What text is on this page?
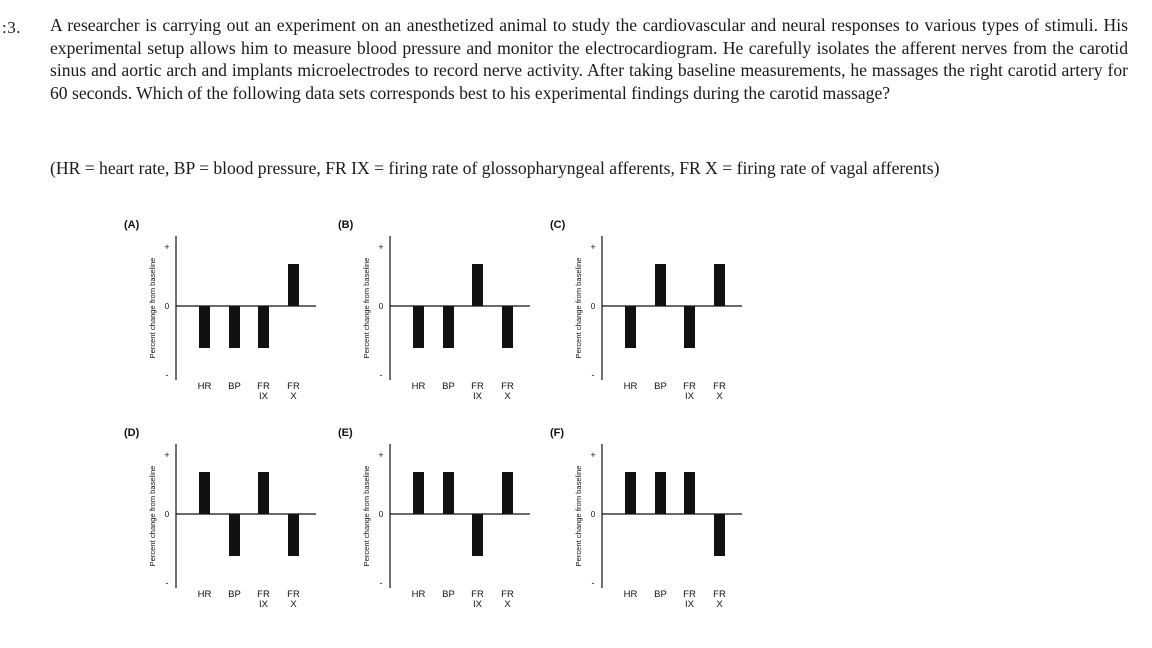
:3. A researcher is carrying out an experiment on an anesthetized animal to study the cardiovascular and neural responses to various types of stimuli. His experimental setup allows him to measure blood pressure and monitor the electrocardiogram. He carefully isolates the afferent nerves from the carotid sinus and aortic arch and implants microelectrodes to record nerve activity. After taking baseline measurements, he massages the right carotid artery for 60 seconds. Which of the following data sets corresponds best to his experimental findings during the carotid massage?

(HR = heart rate, BP = blood pressure, FR IX = firing rate of glossopharyngeal afferents, FR X = firing rate of vagal afferents)

(A)
+
0
-
Percent change from baseline
HR BP FR
IX
FR
X
(B)
+
0
-
Percent change from baseline
HR BP FR
IX
FR
X
(C)
+
0
-
Percent change from baseline
HR BP FR
IX
FR
X
(D)
+
0
-
Percent change from baseline
HR BP FR
IX
FR
X
(E)
+
0
-
Percent change from baseline
HR BP FR
IX
FR
X
(F)
+
0
-
Percent change from baseline
HR BP FR
IX
FR
X
